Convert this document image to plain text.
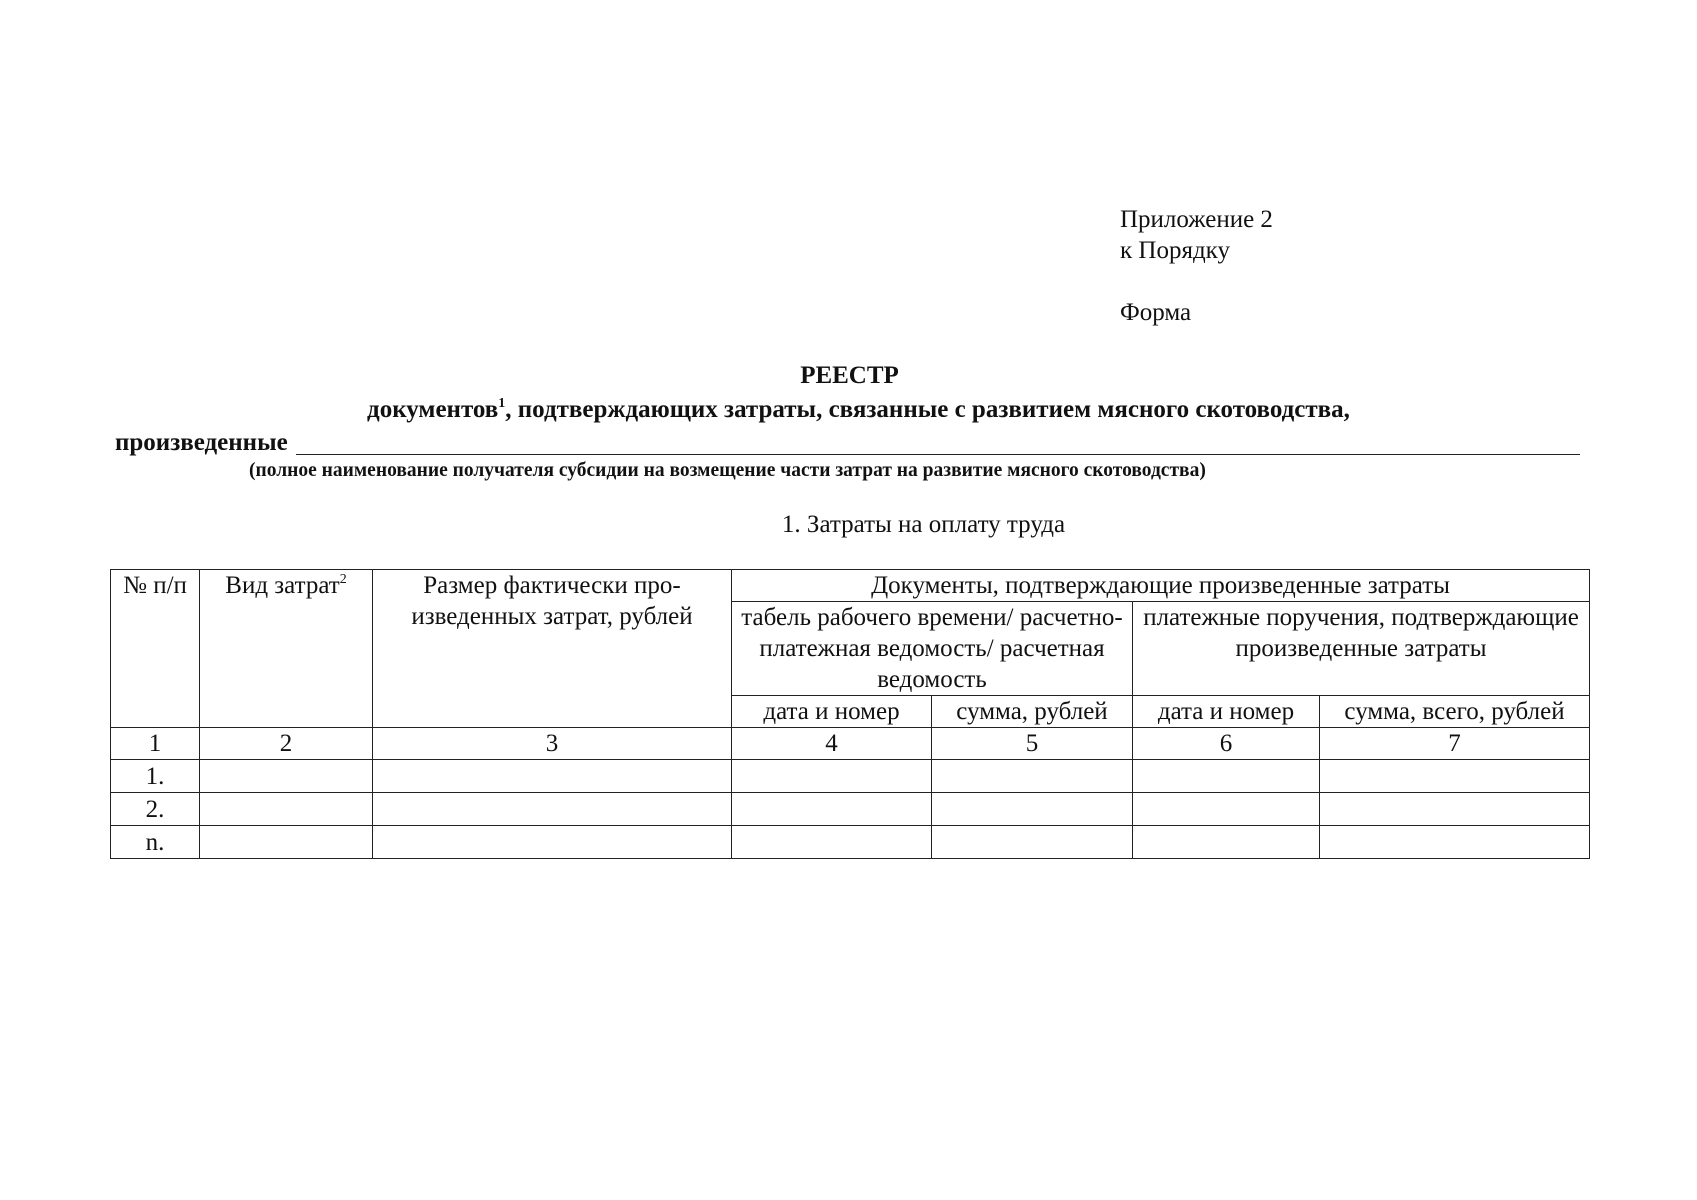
Приложение 2
к Порядку
Форма
РЕЕСТР
документов$^1$, подтверждающих затраты, связанные с развитием мясного скотоводства,
произведенные
(полное наименование получателя субсидии на возмещение части затрат на развитие мясного скотоводства)
1. Затраты на оплату труда
№ п/п	Вид затрат$^2$	Размер фактически про-изведенных затрат, рублей	Документы, подтверждающие произведенные затраты			
			табель рабочего времени/ расчетно-платежная ведомость/ расчетная ведомость		платежные поручения, подтверждающие произведенные затраты	
			дата и номер	сумма, рублей	дата и номер	сумма, всего, рублей
1	2	3	4	5	6	7
1.						
2.						
n.						
